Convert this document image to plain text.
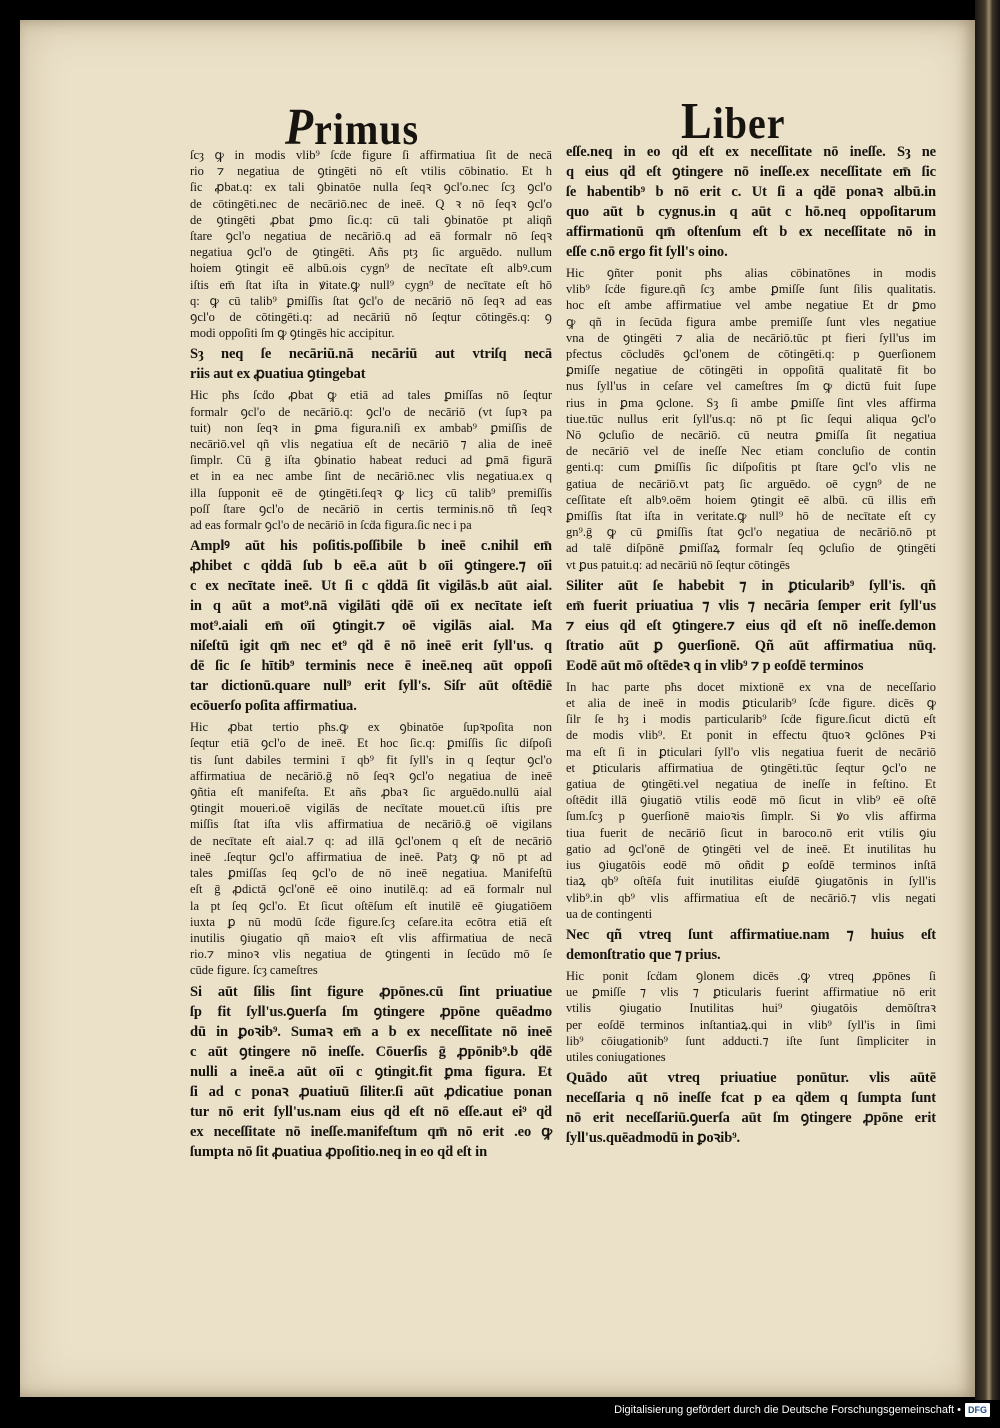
Primus	Liber
ſcȝ ꝙ in modis vlib⁹ ſcḋe figure ſi affirmatiua ſit de necā
rio ⁊ negatiua de ꝯtingēti nō eſt vtilis cōbinatio. Et h
ſic ꝓbat.q: ex tali ꝯbinatōe nulla ſeqꝛ ꝯcl'o.nec ſcȝ ꝯcl'o
de cōtingēti.nec de necāriō.nec de ineē. Q ꝛ nō ſeqꝛ ꝯcl'o
de ꝯtingēti ꝓbat ꝑmo ſic.q: cū tali ꝯbinatōe pt aliqñ
ſtare ꝯcl'o negatiua de necāriō.q ad eā formalr nō ſeqꝛ
negatiua ꝯcl'o de ꝯtingēti. Añs ptȝ ſic arguēdo. nullum
hoiem ꝯtingit eē albū.ois cygn⁹ de necītate eſt albꝰ.cum
iſtis em̄ ſtat iſta in ꝟitate.ꝙ null⁹ cygn⁹ de necītate eſt hō
q: ꝙ cū talib⁹ ꝑmiſſis ſtat ꝯcl'o de necāriō nō ſeqꝛ ad eas
ꝯcl'o de cōtingēti.q: ad necāriū nō ſeqtur cōtingēs.q: ꝯ
modi oppoſiti ſm ꝙ ꝯtingēs hic accipitur.
Sȝ neq ſe necāriū.nā necāriū aut vtriſq necā
riis aut ex ꝓuatiua ꝯtingebat
Hic pħs ſcḋo ꝓbat ꝙ etiā ad tales ꝑmiſſas nō ſeqtur
formalr ꝯcl'o de necāriō.q: ꝯcl'o de necāriō (vt ſupꝛ pa
tuit) non ſeqꝛ in ꝑma figura.niſi ex ambab⁹ ꝑmiſſis de
necāriō.vel qñ vlis negatiua eſt de necāriō ⁊ alia de ineē
ſimplr. Cū ḡ iſta ꝯbinatio habeat reduci ad ꝑmā figurā
et in ea nec ambe ſint de necāriō.nec vlis negatiua.ex q
illa ſupponit eē de ꝯtingēti.ſeqꝛ ꝙ licȝ cū talib⁹ premiſſis
poſſ ſtare ꝯcl'o de necāriō in certis terminis.nō tñ ſeqꝛ
ad eas formalr ꝯcl'o de necāriō in ſcḋa figura.ſic nec i pa
Amplꝰ aūt his poſitis.poſſibile b ineē c.nihil em̄
ꝓhibet c qḋdā ſub b eē.a aūt b oīi ꝯtingere.⁊ oīi
c ex necītate ineē. Ut ſi c qḋdā ſit vigilās.b aūt aial.
in q aūt a mot⁹.nā vigilāti qḋē oīi ex necītate ieſt
mot⁹.aiali em̄ oīi ꝯtingit.⁊ oē vigilās aial. Ma
niſeſtū igit qm̄ nec et⁹ qḋ ē nō ineē erit ſyll'us. q
dē ſic ſe hītib⁹ terminis nece ē ineē.neq aūt oppoſi
tar dictionū.quare null⁹ erit ſyll's. Siſr aūt oſtēdiē
ecōuerſo poſita affirmatiua.
Hic ꝓbat tertio pħs.ꝙ ex ꝯbinatōe ſupꝛpoſita non
ſeqtur etiā ꝯcl'o de ineē. Et hoc ſic.q: ꝑmiſſis ſic diſpoſi
tis ſunt dabiles termini ī qb⁹ fit ſyll's in q ſeqtur ꝯcl'o
affirmatiua de necāriō.ḡ nō ſeqꝛ ꝯcl'o negatiua de ineē
ꝯñtia eſt manifeſta. Et añs ꝓbaꝛ ſic arguēdo.nullū aial
ꝯtingit moueri.oē vigilās de necītate mouet.cū iſtis pre
miſſis ſtat iſta vlis affirmatiua de necāriō.ḡ oē vigilans
de necītate eſt aial.⁊ q: ad illā ꝯcl'onem q eſt de necāriō
ineē .ſeqtur ꝯcl'o affirmatiua de ineē. Patȝ ꝙ nō pt ad
tales ꝑmiſſas ſeq ꝯcl'o de nō ineē negatiua. Manifeſtū
eſt ḡ ꝓdictā ꝯcl'onē eē oino inutilē.q: ad eā formalr nul
la pt ſeq ꝯcl'o. Et ſicut oſtēſum eſt inutilē eē ꝯiugatiōem
iuxta ꝑ nū modū ſcḋe figure.ſcȝ ceſare.ita ecōtra etiā eſt
inutilis ꝯiugatio qñ maioꝛ eſt vlis affirmatiua de necā
rio.⁊ minoꝛ vlis negatiua de ꝯtingenti in ſecūdo mō ſe
cūde figure. ſcȝ cameſtres
Si aūt ſilis ſint figure ꝓpōnes.cū ſint priuatiue
ſp fit ſyll'us.ꝯuerſa ſm ꝯtingere ꝓpōne quēadmo
dū in ꝑoꝛib⁹. Sumaꝛ em̄ a b ex neceſſitate nō ineē
c aūt ꝯtingere nō ineſſe. Cōuerſis ḡ ꝓpōnib⁹.b qḋē
nulli a ineē.a aūt oīi c ꝯtingit.fit ꝑma figura. Et
ſi ad c ponaꝛ ꝓuatiuū ſiliter.ſi aūt ꝓdicatiue ponan
tur nō erit ſyll'us.nam eius qḋ eſt nō eſſe.aut ei⁹ qḋ
ex neceſſitate nō ineſſe.manifeſtum qm̄ nō erit .eo ꝙ
ſumpta nō ſit ꝓuatiua ꝓpoſitio.neq in eo qḋ eſt in
eſſe.neq in eo qḋ eſt ex neceſſitate nō ineſſe. Sȝ ne
q eius qḋ eſt ꝯtingere nō ineſſe.ex neceſſitate em̄ ſic
ſe habentib⁹ b nō erit c. Ut ſi a qḋē ponaꝛ albū.in
quo aūt b cygnus.in q aūt c hō.neq oppoſitarum
affirmationū qm̄ oſtenſum eſt b ex neceſſitate nō in
eſſe c.nō ergo fit ſyll's oino.
Hic ꝯñter ponit pħs alias cōbinatōnes in modis
vlib⁹ ſcḋe figure.qñ ſcȝ ambe ꝑmiſſe ſunt ſilis qualitatis.
hoc eſt ambe affirmatiue vel ambe negatiue Et dr ꝑmo
ꝙ qñ in ſecūda figura ambe premiſſe ſunt vles negatiue
vna de ꝯtingēti ⁊ alia de necāriō.tūc pt fieri ſyll'us im
pfectus cōcludēs ꝯcl'onem de cōtingēti.q: p ꝯuerſionem
ꝑmiſſe negatiue de cōtingēti in oppoſitā qualitatē fit bo
nus ſyll'us in ceſare vel cameſtres ſm ꝙ dictū fuit ſupe
rius in ꝑma ꝯclone. Sȝ ſi ambe ꝑmiſſe ſint vles affirma
tiue.tūc nullus erit ſyll'us.q: nō pt ſic ſequi aliqua ꝯcl'o
Nō ꝯcluſio de necāriō. cū neutra ꝑmiſſa ſit negatiua
de necāriō vel de ineſſe Nec etiam concluſio de contin
genti.q: cum ꝑmiſſis ſic diſpoſitis pt ſtare ꝯcl'o vlis ne
gatiua de necāriō.vt patȝ ſic arguēdo. oē cygn⁹ de ne
ceſſitate eſt albꝰ.oēm hoiem ꝯtingit eē albū. cū illis em̄
ꝑmiſſis ſtat iſta in veritate.ꝙ null⁹ hō de necītate eſt cy
gn⁹.ḡ ꝙ cū ꝑmiſſis ſtat ꝯcl'o negatiua de necāriō.nō pt
ad talē diſpōnē ꝑmiſſaꝝ formalr ſeq ꝯcluſio de ꝯtingēti
vt ꝑus patuit.q: ad necāriū nō ſeqtur cōtingēs
Siliter aūt ſe habebit ⁊ in ꝑticularib⁹ ſyll'is. qñ
em̄ fuerit priuatiua ⁊ vlis ⁊ necāria ſemper erit ſyll'us
⁊ eius qḋ eſt ꝯtingere.⁊ eius qḋ eſt nō ineſſe.demon
ſtratio aūt ꝑ ꝯuerſionē. Qñ aūt affirmatiua nūq.
Eodē aūt mō oſtēdeꝛ q in vlib⁹ ⁊ p eoſdē terminos
In hac parte pħs docet mixtionē ex vna de neceſſario
et alia de ineē in modis ꝑticularib⁹ ſcḋe figure. dicēs ꝙ
ſilr ſe hȝ i modis particularib⁹ ſcḋe figure.ſicut dictū eſt
de modis vlib⁹. Et ponit in effectu q̄tuoꝛ ꝯclōnes Pꝛi
ma eſt ſi in ꝑticulari ſyll'o vlis negatiua fuerit de necāriō
et ꝑticularis affirmatiua de ꝯtingēti.tūc ſeqtur ꝯcl'o ne
gatiua de ꝯtingēti.vel negatiua de ineſſe in feſtino. Et
oſtēdit illā ꝯiugatiō vtilis eodē mō ſicut in vlib⁹ eē oſtē
ſum.ſcȝ p ꝯuerſionē maioꝛis ſimplr. Si ꝟo vlis affirma
tiua fuerit de necāriō ſicut in baroco.nō erit vtilis ꝯiu
gatio ad ꝯcl'onē de ꝯtingēti vel de ineē. Et inutilitas hu
ius ꝯiugatōis eodē mō oñdit ꝑ eoſdē terminos inſtā
tiaꝝ qb⁹ oſtēſa fuit inutilitas eiuſdē ꝯiugatōnis in ſyll'is
vlib⁹.in qb⁹ vlis affirmatiua eſt de necāriō.⁊ vlis negati
ua de contingenti
Nec qñ vtreq ſunt affirmatiue.nam ⁊ huius eſt
demonſtratio que ⁊ prius.
Hic ponit ſcḋam ꝯlonem dicēs .ꝙ vtreq ꝓpōnes ſi
ue ꝑmiſſe ⁊ vlis ⁊ ꝑticularis fuerint affirmatiue nō erit
vtilis ꝯiugatio Inutilitas hui⁹ ꝯiugatōis demōſtraꝛ
per eoſdē terminos inſtantiaꝝ.qui in vlib⁹ ſyll'is in ſimi
lib⁹ cōiugationib⁹ ſunt adducti.⁊ iſte ſunt ſimpliciter in
utiles coniugationes
Quādo aūt vtreq priuatiue ponūtur. vlis aūtē
neceſſaria q nō ineſſe fcat p ea qḋem q ſumpta ſunt
nō erit neceſſariū.ꝯuerſa aūt ſm ꝯtingere ꝓpōne erit
ſyll'us.quēadmodū in ꝑoꝛib⁹.
Digitalisierung gefördert durch die Deutsche Forschungsgemeinschaft • DFG
